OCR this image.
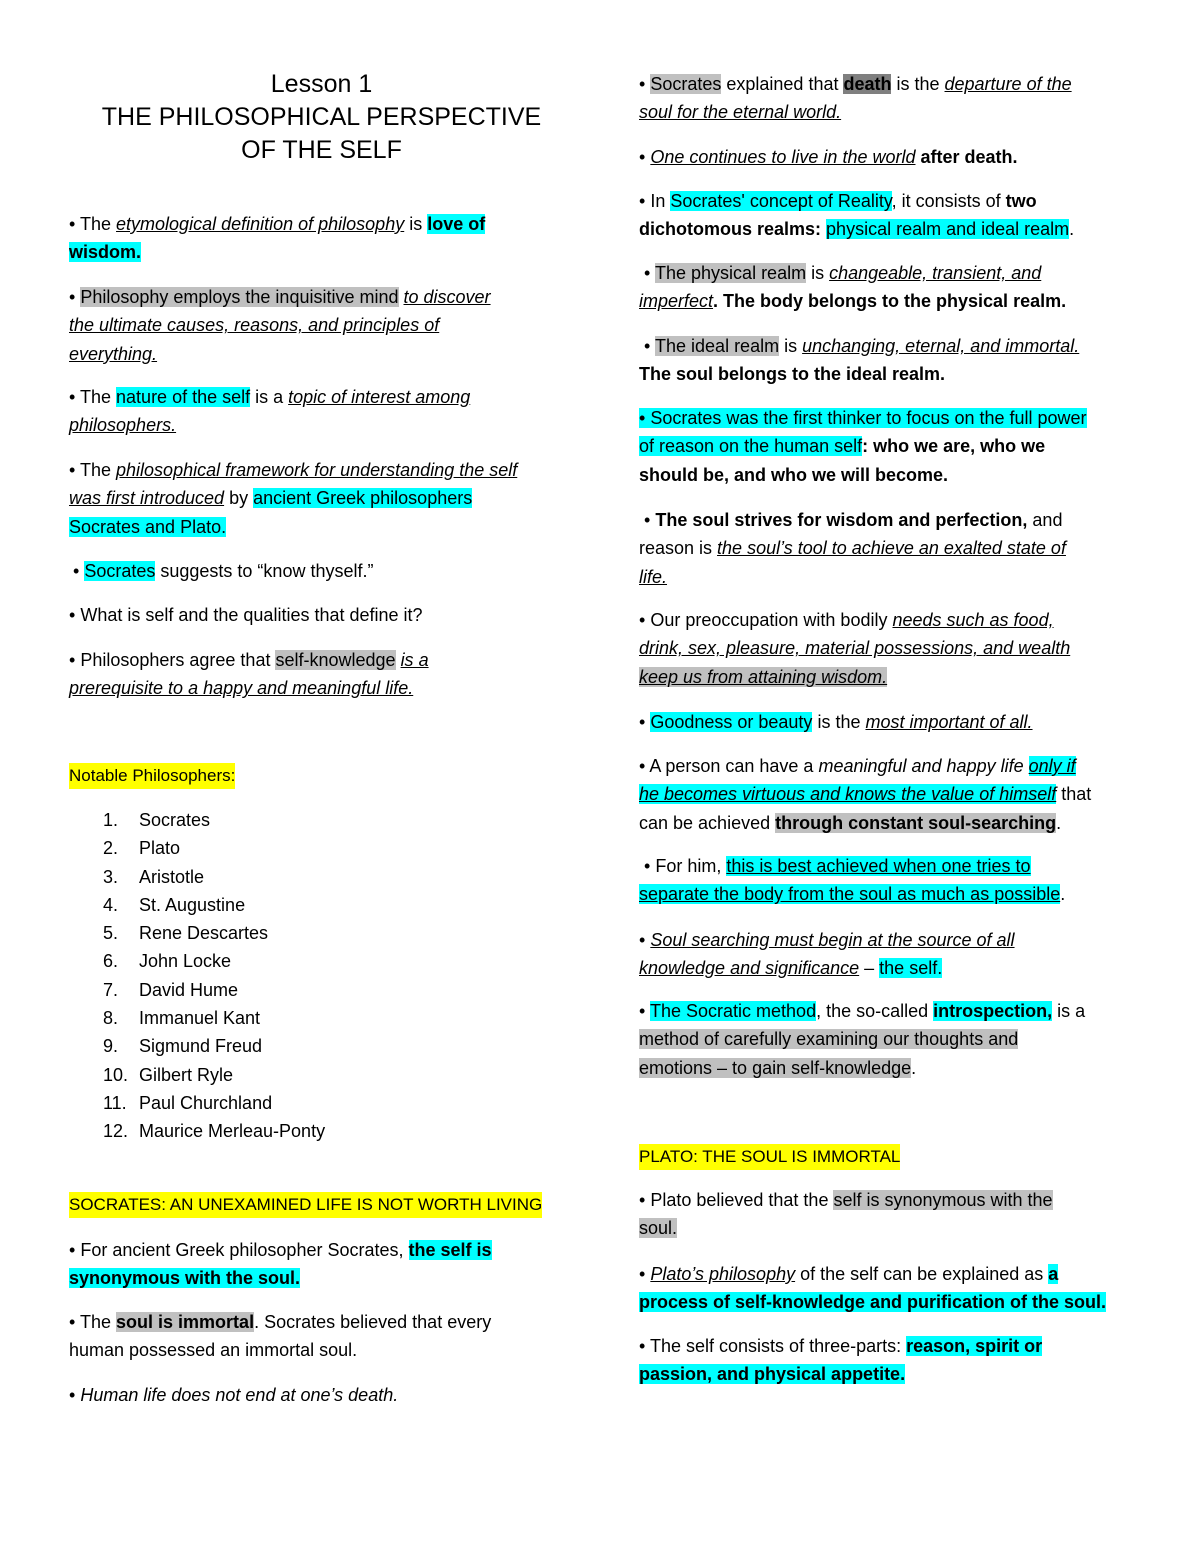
Lesson 1
THE PHILOSOPHICAL PERSPECTIVE
OF THE SELF

• The etymological definition of philosophy is love of
wisdom.

• Philosophy employs the inquisitive mind to discover
the ultimate causes, reasons, and principles of
everything.

• The nature of the self is a topic of interest among
philosophers.

• The philosophical framework for understanding the self
was first introduced by ancient Greek philosophers
Socrates and Plato.

• Socrates suggests to “know thyself.”

• What is self and the qualities that define it?

• Philosophers agree that self-knowledge is a
prerequisite to a happy and meaningful life.

Notable Philosophers:
1. Socrates
2. Plato
3. Aristotle
4. St. Augustine
5. Rene Descartes
6. John Locke
7. David Hume
8. Immanuel Kant
9. Sigmund Freud
10. Gilbert Ryle
11. Paul Churchland
12. Maurice Merleau-Ponty
SOCRATES: AN UNEXAMINED LIFE IS NOT WORTH LIVING

• For ancient Greek philosopher Socrates, the self is
synonymous with the soul.

• The soul is immortal. Socrates believed that every
human possessed an immortal soul.

• Human life does not end at one’s death.

• Socrates explained that death is the departure of the
soul for the eternal world.

• One continues to live in the world after death.

• In Socrates' concept of Reality, it consists of two
dichotomous realms: physical realm and ideal realm.

• The physical realm is changeable, transient, and
imperfect. The body belongs to the physical realm.

• The ideal realm is unchanging, eternal, and immortal.
The soul belongs to the ideal realm.

• Socrates was the first thinker to focus on the full power
of reason on the human self: who we are, who we
should be, and who we will become.

• The soul strives for wisdom and perfection, and
reason is the soul’s tool to achieve an exalted state of
life.

• Our preoccupation with bodily needs such as food,
drink, sex, pleasure, material possessions, and wealth
keep us from attaining wisdom.

• Goodness or beauty is the most important of all.

• A person can have a meaningful and happy life only if
he becomes virtuous and knows the value of himself that
can be achieved through constant soul-searching.

• For him, this is best achieved when one tries to
separate the body from the soul as much as possible.

• Soul searching must begin at the source of all
knowledge and significance – the self.

• The Socratic method, the so-called introspection, is a
method of carefully examining our thoughts and
emotions – to gain self-knowledge.

PLATO: THE SOUL IS IMMORTAL

• Plato believed that the self is synonymous with the
soul.

• Plato’s philosophy of the self can be explained as a
process of self-knowledge and purification of the soul.

• The self consists of three-parts: reason, spirit or
passion, and physical appetite.
